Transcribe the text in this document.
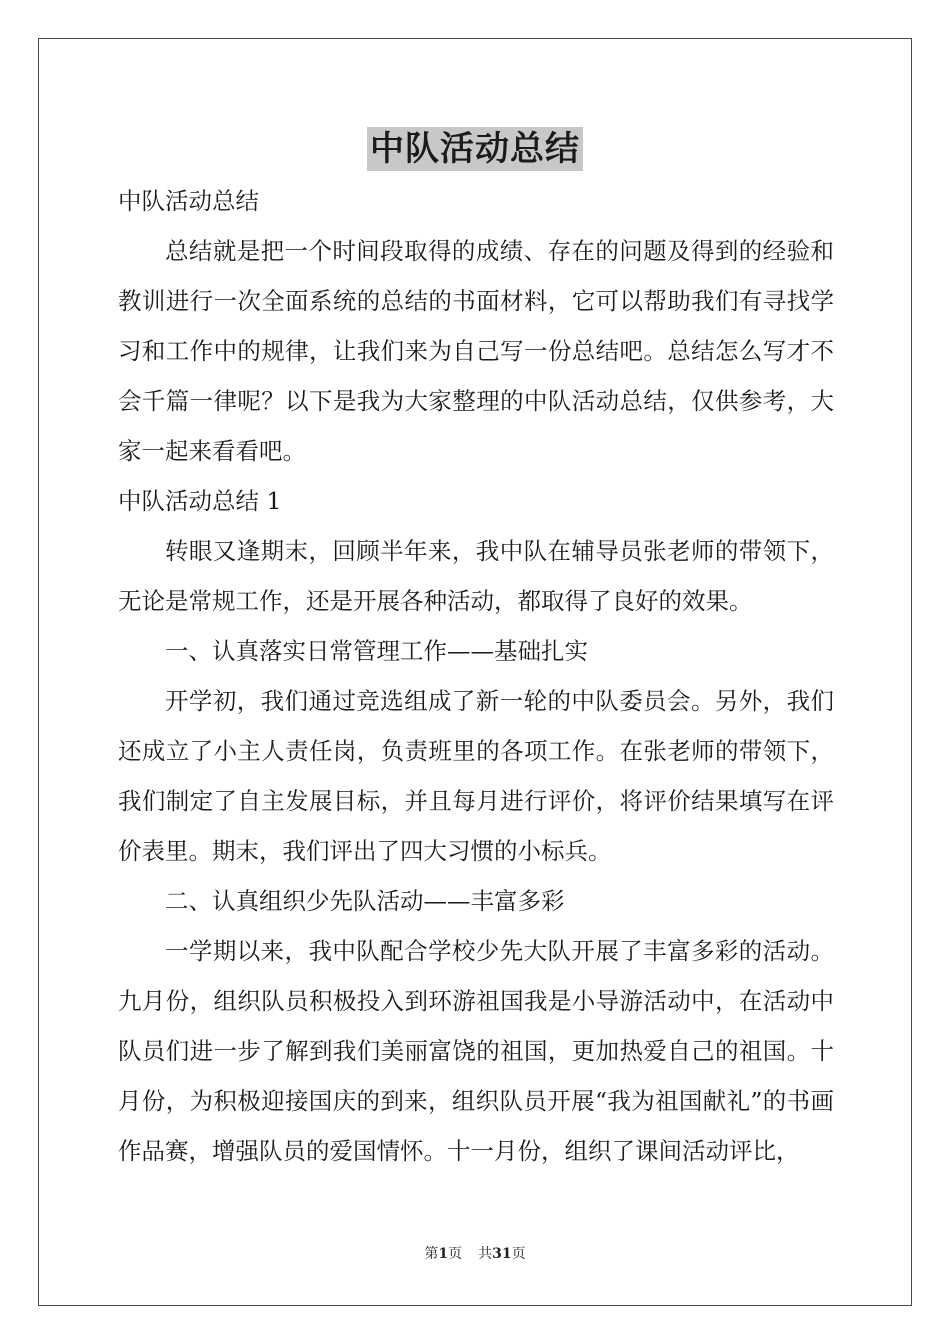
中队活动总结

中队活动总结

总结就是把一个时间段取得的成绩、存在的问题及得到的经验和教训进行一次全面系统的总结的书面材料，它可以帮助我们有寻找学习和工作中的规律，让我们来为自己写一份总结吧。总结怎么写才不会千篇一律呢？以下是我为大家整理的中队活动总结，仅供参考，大家一起来看看吧。

中队活动总结 1

转眼又逢期末，回顾半年来，我中队在辅导员张老师的带领下，无论是常规工作，还是开展各种活动，都取得了良好的效果。

一、认真落实日常管理工作——基础扎实

开学初，我们通过竞选组成了新一轮的中队委员会。另外，我们还成立了小主人责任岗，负责班里的各项工作。在张老师的带领下，我们制定了自主发展目标，并且每月进行评价，将评价结果填写在评价表里。期末，我们评出了四大习惯的小标兵。

二、认真组织少先队活动——丰富多彩

一学期以来，我中队配合学校少先大队开展了丰富多彩的活动。九月份，组织队员积极投入到环游祖国我是小导游活动中，在活动中队员们进一步了解到我们美丽富饶的祖国，更加热爱自己的祖国。十月份，为积极迎接国庆的到来，组织队员开展“我为祖国献礼”的书画作品赛，增强队员的爱国情怀。十一月份，组织了课间活动评比，

第1页 共31页
